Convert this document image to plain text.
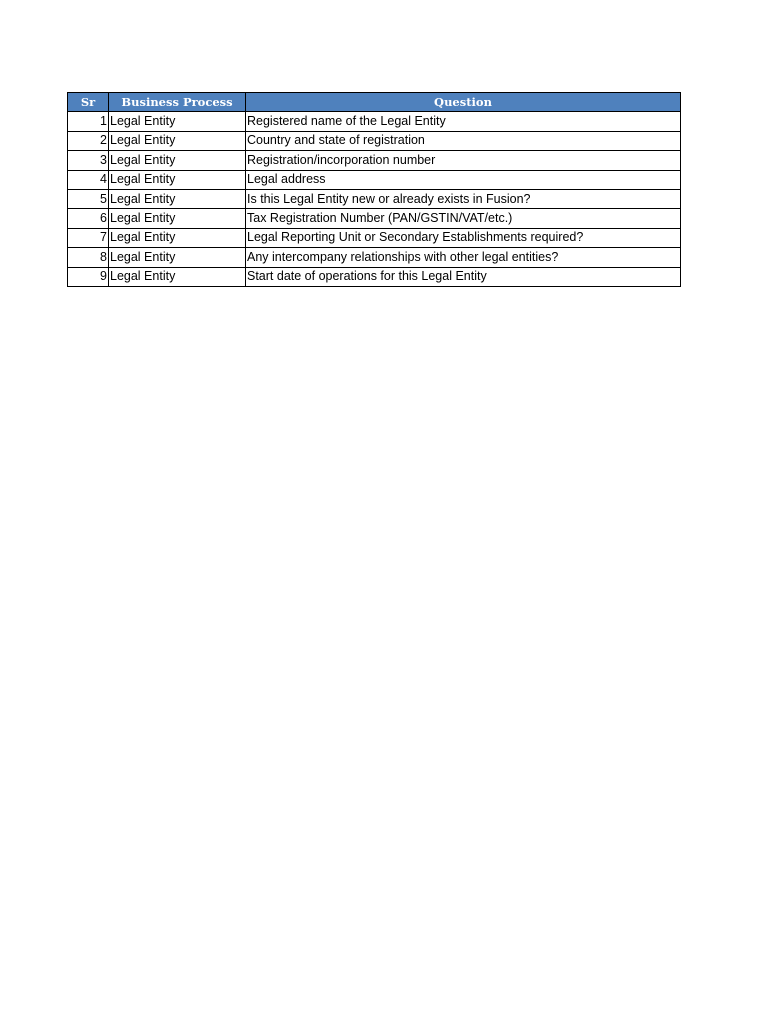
Sr	Business Process	Question
1	Legal Entity	Registered name of the Legal Entity
2	Legal Entity	Country and state of registration
3	Legal Entity	Registration/incorporation number
4	Legal Entity	Legal address
5	Legal Entity	Is this Legal Entity new or already exists in Fusion?
6	Legal Entity	Tax Registration Number (PAN/GSTIN/VAT/etc.)
7	Legal Entity	Legal Reporting Unit or Secondary Establishments required?
8	Legal Entity	Any intercompany relationships with other legal entities?
9	Legal Entity	Start date of operations for this Legal Entity
